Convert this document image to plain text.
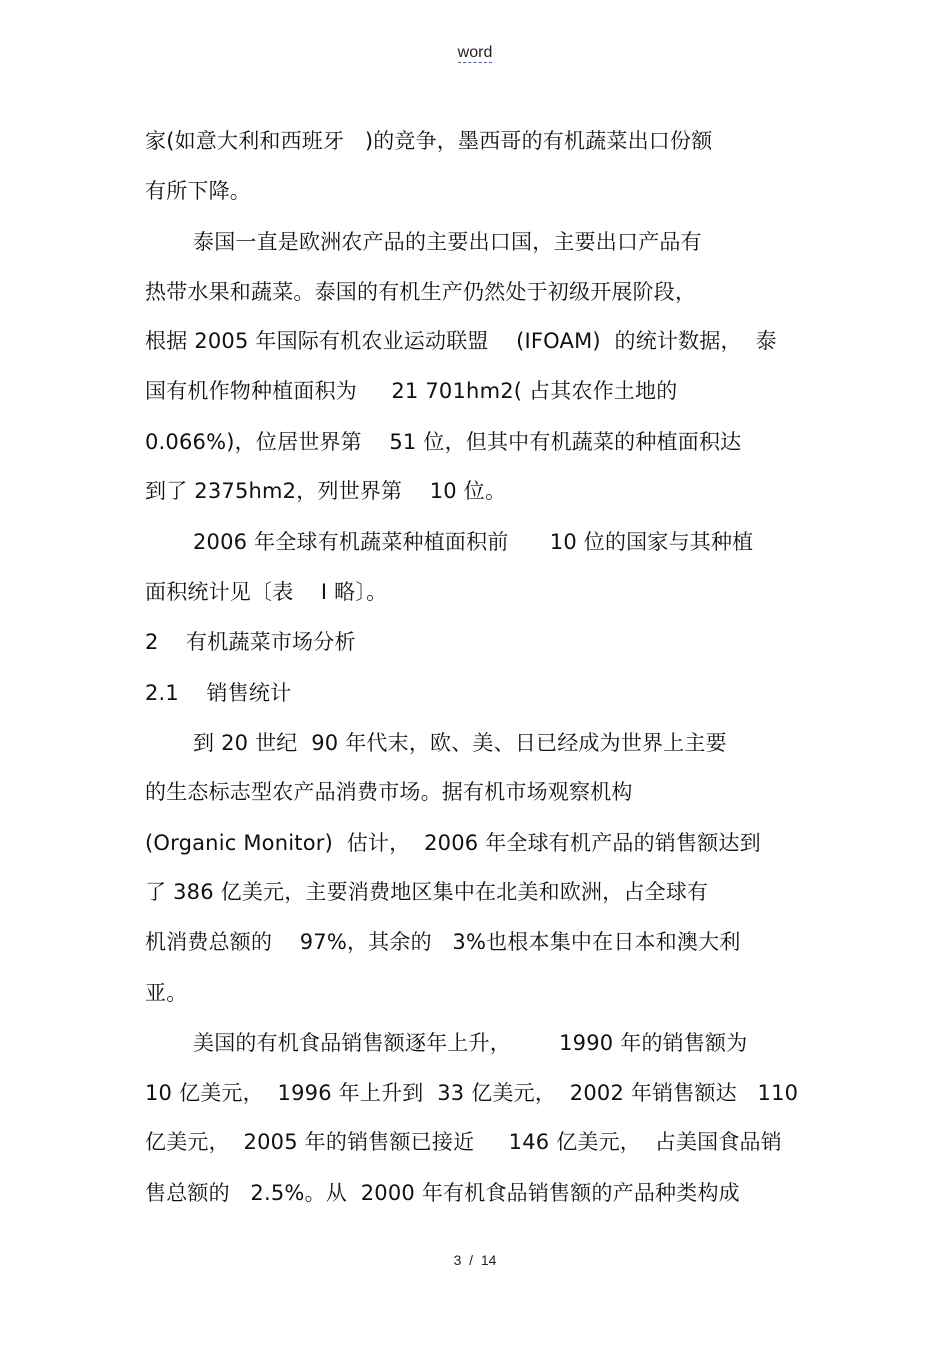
word
家(如意大利和西班牙   )的竞争，墨西哥的有机蔬菜出口份额
有所下降。
泰国一直是欧洲农产品的主要出口国，主要出口产品有
热带水果和蔬菜。泰国的有机生产仍然处于初级开展阶段，
根据 2005 年国际有机农业运动联盟    (IFOAM)  的统计数据，  泰
国有机作物种植面积为     21 701hm2( 占其农作土地的
0.066%)，位居世界第    51 位，但其中有机蔬菜的种植面积达
到了 2375hm2，列世界第    10 位。
2006 年全球有机蔬菜种植面积前      10 位的国家与其种植
面积统计见〔表    I 略〕。
2    有机蔬菜市场分析
2.1    销售统计
到 20 世纪  90 年代末，欧、美、日已经成为世界上主要
的生态标志型农产品消费市场。据有机市场观察机构
(Organic Monitor)  估计，  2006 年全球有机产品的销售额达到
了 386 亿美元，主要消费地区集中在北美和欧洲，占全球有
机消费总额的    97%，其余的   3%也根本集中在日本和澳大利
亚。
美国的有机食品销售额逐年上升，       1990 年的销售额为
10 亿美元，  1996 年上升到  33 亿美元，  2002 年销售额达   110
亿美元，  2005 年的销售额已接近     146 亿美元，  占美国食品销
售总额的   2.5%。从  2000 年有机食品销售额的产品种类构成
3  /  14
